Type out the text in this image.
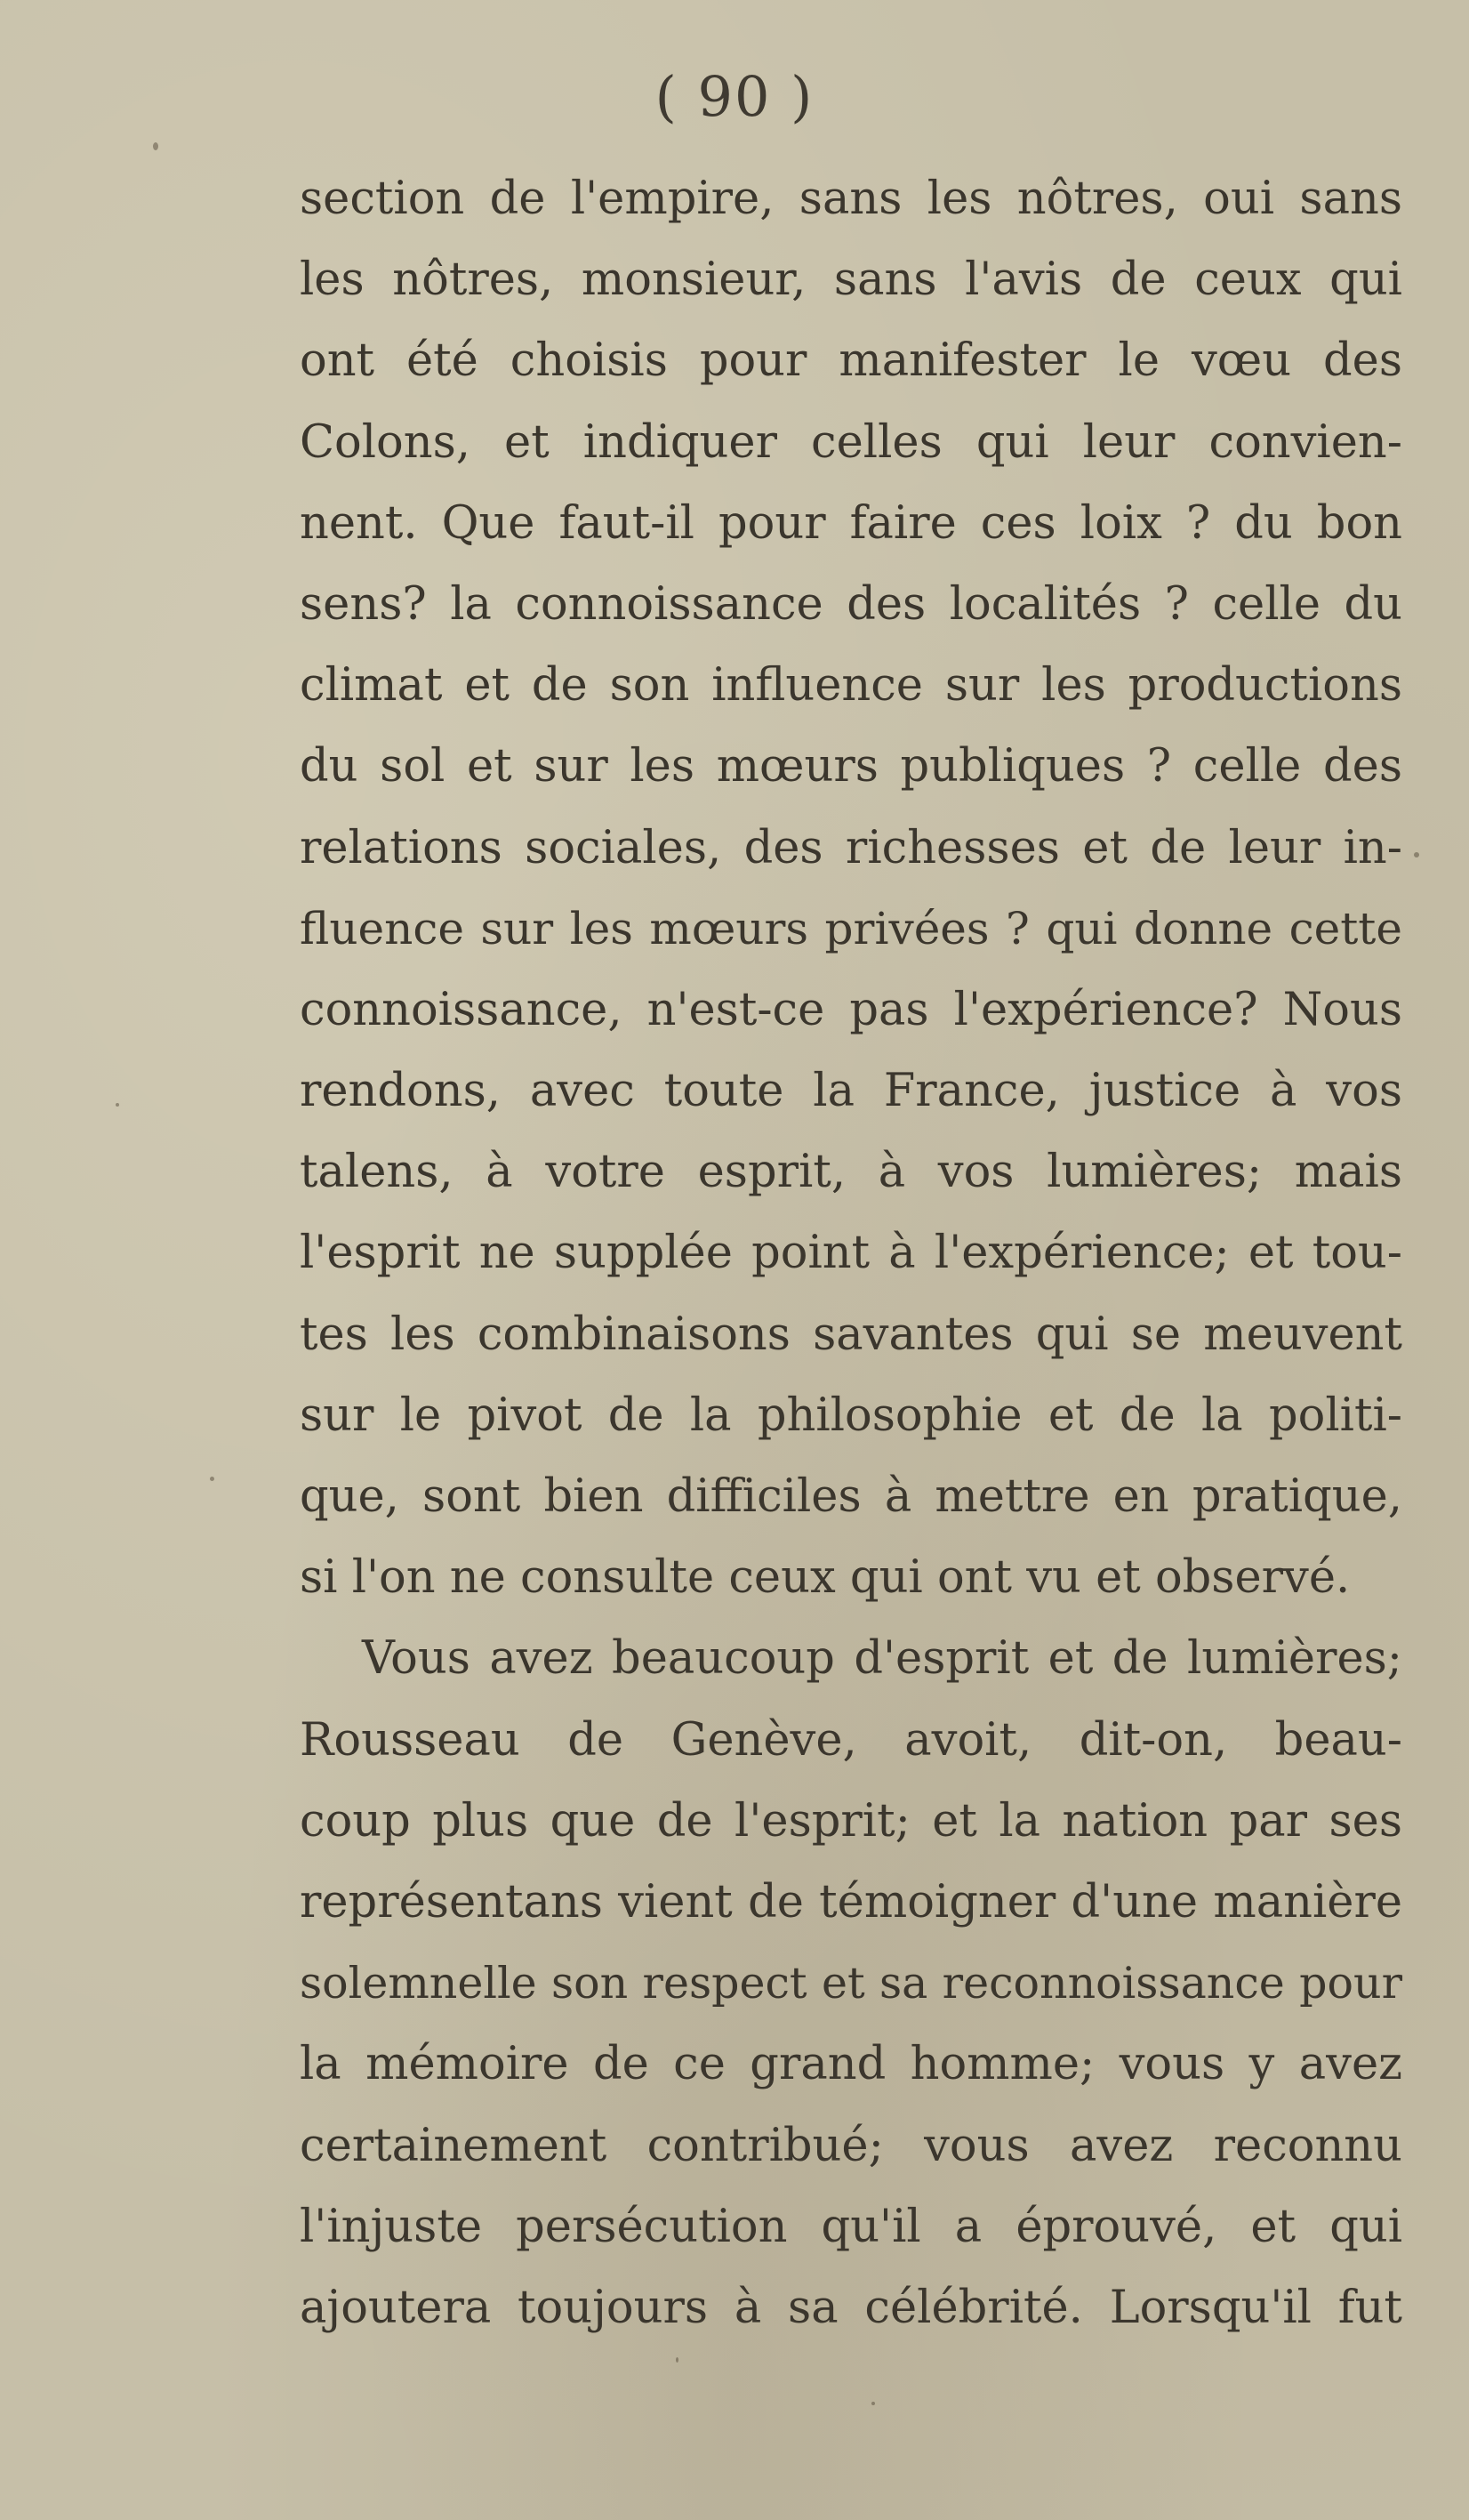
( 90 )
section de l'empire, sans les nôtres, oui sans
les nôtres, monsieur, sans l'avis de ceux qui
ont été choisis pour manifester le vœu des
Colons, et indiquer celles qui leur convien-
nent. Que faut-il pour faire ces loix ? du bon
sens? la connoissance des localités ? celle du
climat et de son influence sur les productions
du sol et sur les mœurs publiques ? celle des
relations sociales, des richesses et de leur in-
fluence sur les mœurs privées ? qui donne cette
connoissance, n'est-ce pas l'expérience? Nous
rendons, avec toute la France, justice à vos
talens, à votre esprit, à vos lumières; mais
l'esprit ne supplée point à l'expérience; et tou-
tes les combinaisons savantes qui se meuvent
sur le pivot de la philosophie et de la politi-
que, sont bien difficiles à mettre en pratique,
si l'on ne consulte ceux qui ont vu et observé.
Vous avez beaucoup d'esprit et de lumières;
Rousseau de Genève, avoit, dit-on, beau-
coup plus que de l'esprit; et la nation par ses
représentans vient de témoigner d'une manière
solemnelle son respect et sa reconnoissance pour
la mémoire de ce grand homme; vous y avez
certainement contribué; vous avez reconnu
l'injuste persécution qu'il a éprouvé, et qui
ajoutera toujours à sa célébrité. Lorsqu'il fut
